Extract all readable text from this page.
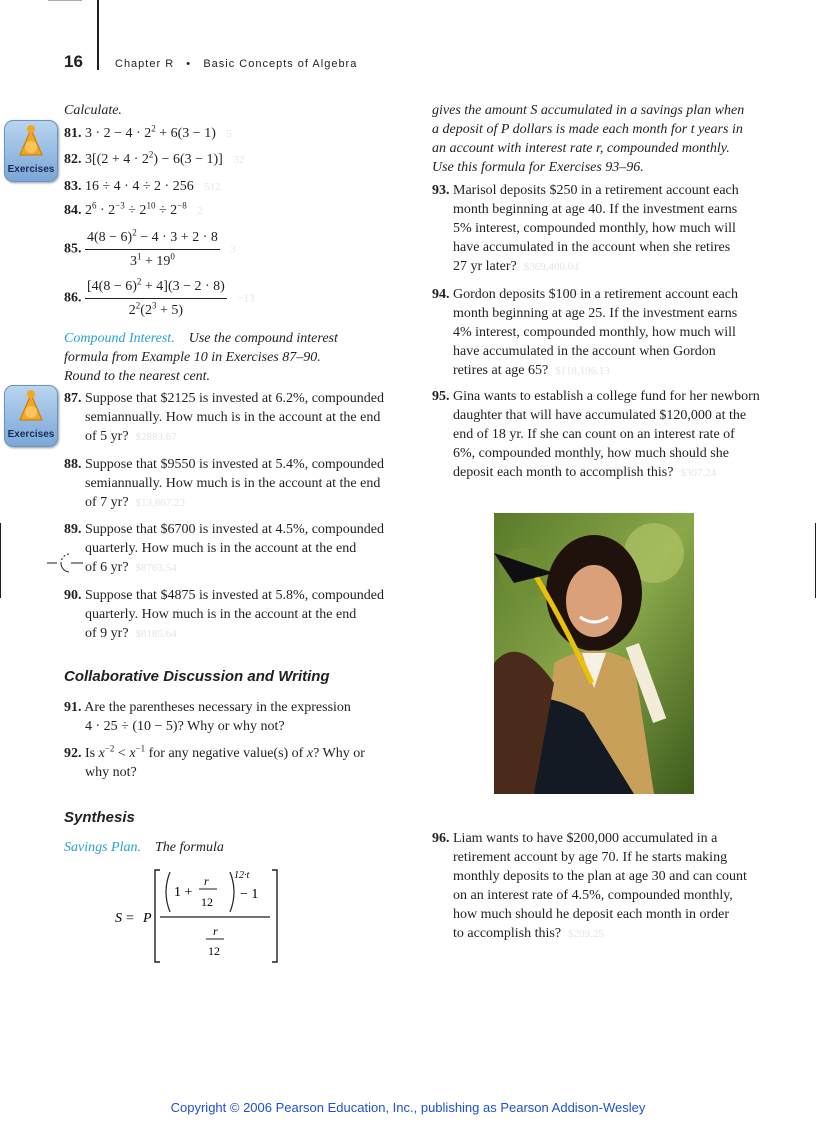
16	Chapter R   •   Basic Concepts of Algebra
Exercises
Exercises
Calculate.
81. $3 \cdot 2 - 4 \cdot 2^2 + 6(3 - 1)$ 5
82. $3[(2 + 4 \cdot 2^2) - 6(3 - 1)]$ 32
83. 16 ÷ 4 · 4 ÷ 2 · 256 512
84. $2^6 \cdot 2^{-3} \div 2^{10} \div 2^{-8}$ 2
85. $\frac{4(8 - 6)^2 - 4 \cdot 3 + 2 \cdot 8}{3^1 + 19^0} 3$
86. $\frac{[4(8 - 6)^2 + 4](3 - 2 \cdot 8)}{2^2(2^3 + 5)} -13$
Compound Interest. Use the compound interest
formula from Example 10 in Exercises 87–90.
Round to the nearest cent.
87. Suppose that $2125 is invested at 6.2%, compounded
semiannually. How much is in the account at the end
of 5 yr? $2883.67
88. Suppose that $9550 is invested at 5.4%, compounded
semiannually. How much is in the account at the end
of 7 yr? $13,867.23
89. Suppose that $6700 is invested at 4.5%, compounded
quarterly. How much is in the account at the end
of 6 yr? $8763.54
90. Suppose that $4875 is invested at 5.8%, compounded
quarterly. How much is in the account at the end
of 9 yr? $8185.64
Collaborative Discussion and Writing
91. Are the parentheses necessary in the expression
4 · 25 ÷ (10 − 5)? Why or why not?
92. Is $x^{-2} < x^{-1}$ for any negative value(s) of x? Why or
why not?
Synthesis
Savings Plan. The formula
S = P
1 +
r
12
12·t
− 1
r
12
gives the amount S accumulated in a savings plan when
a deposit of P dollars is made each month for t years in
an account with interest rate r, compounded monthly.
Use this formula for Exercises 93–96.
93. Marisol deposits $250 in a retirement account each
month beginning at age 40. If the investment earns
5% interest, compounded monthly, how much will
have accumulated in the account when she retires
27 yr later? $369,400.04
94. Gordon deposits $100 in a retirement account each
month beginning at age 25. If the investment earns
4% interest, compounded monthly, how much will
have accumulated in the account when Gordon
retires at age 65? $118,196.13
95. Gina wants to establish a college fund for her newborn
daughter that will have accumulated $120,000 at the
end of 18 yr. If she can count on an interest rate of
6%, compounded monthly, how much should she
deposit each month to accomplish this? $307.24
96. Liam wants to have $200,000 accumulated in a
retirement account by age 70. If he starts making
monthly deposits to the plan at age 30 and can count
on an interest rate of 4.5%, compounded monthly,
how much should he deposit each month in order
to accomplish this? $209.25
Copyright © 2006 Pearson Education, Inc., publishing as Pearson Addison-Wesley
